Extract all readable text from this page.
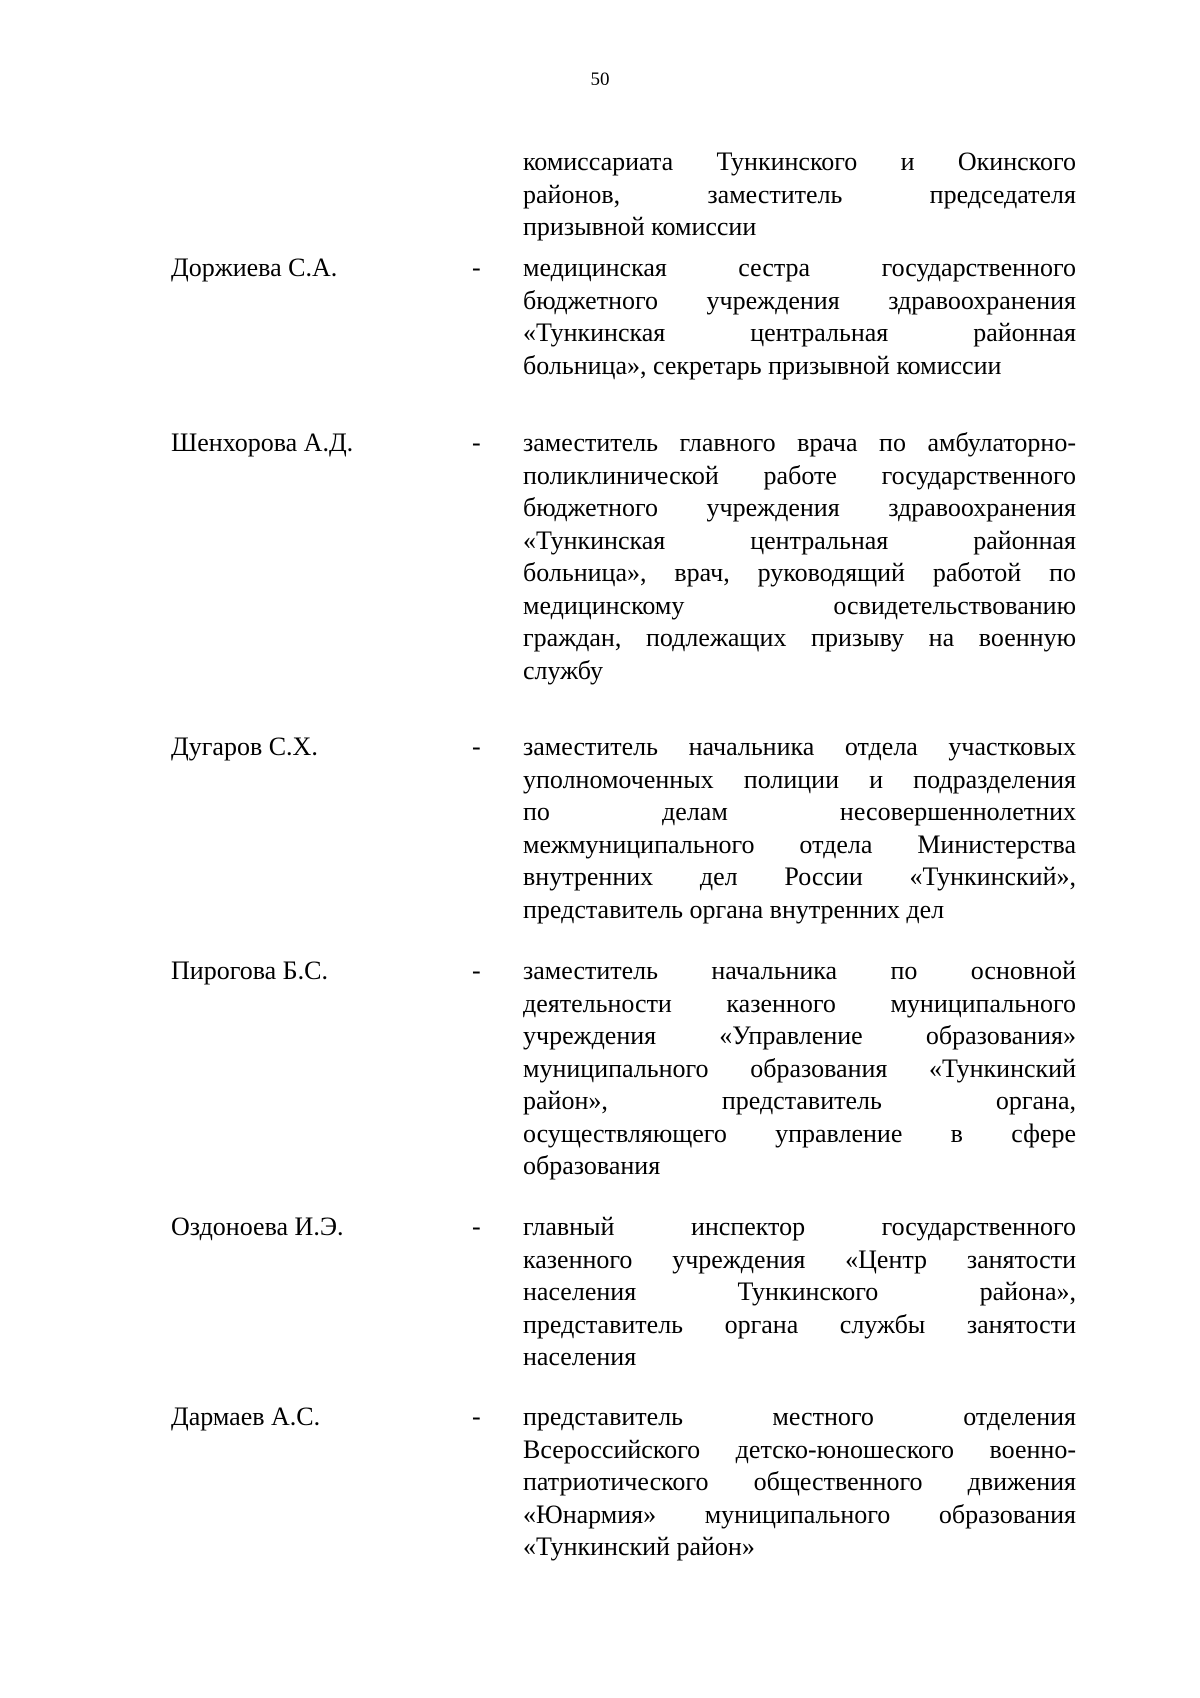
50
комиссариата Тункинского и Окинского
районов, заместитель председателя
призывной комиссии
Доржиева С.А.	- медицинская сестра государственного
бюджетного учреждения здравоохранения
«Тункинская центральная районная
больница», секретарь призывной комиссии
Шенхорова А.Д.	- заместитель главного врача по амбулаторно-
поликлинической работе государственного
бюджетного учреждения здравоохранения
«Тункинская центральная районная
больница», врач, руководящий работой по
медицинскому освидетельствованию
граждан, подлежащих призыву на военную
службу
Дугаров С.Х.	- заместитель начальника отдела участковых
уполномоченных полиции и подразделения
по делам несовершеннолетних
межмуниципального отдела Министерства
внутренних дел России «Тункинский»,
представитель органа внутренних дел
Пирогова Б.С.	- заместитель начальника по основной
деятельности казенного муниципального
учреждения «Управление образования»
муниципального образования «Тункинский
район», представитель органа,
осуществляющего управление в сфере
образования
Оздоноева И.Э.	- главный инспектор государственного
казенного учреждения «Центр занятости
населения Тункинского района»,
представитель органа службы занятости
населения
Дармаев А.С.	- представитель местного отделения
Всероссийского детско-юношеского военно-
патриотического общественного движения
«Юнармия» муниципального образования
«Тункинский район»
